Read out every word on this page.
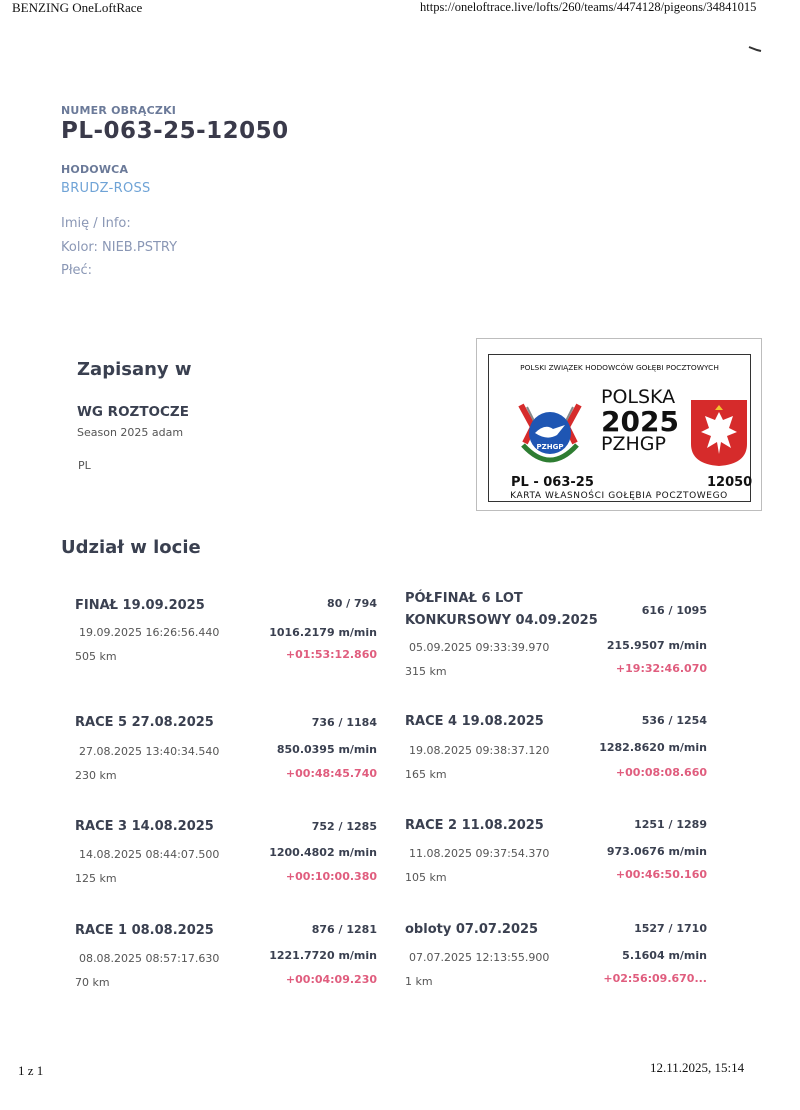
BENZING OneLoftRace	https://oneloftrace.live/lofts/260/teams/4474128/pigeons/34841015
NUMER OBRĄCZKI
PL-063-25-12050
HODOWCA
BRUDZ-ROSS
Imię / Info:
Kolor: NIEB.PSTRY
Płeć:
Zapisany w
WG ROZTOCZE
Season 2025 adam
PL
POLSKI ZWIĄZEK HODOWCÓW GOŁĘBI POCZTOWYCH
PZHGP
POLSKA
2025
PZHGP
PL - 063-25	12050
KARTA WŁASNOŚCI GOŁĘBIA POCZTOWEGO
Udział w locie
FINAŁ 19.09.2025	80 / 794
19.09.2025 16:26:56.440	1016.2179 m/min
505 km	+01:53:12.860
PÓŁFINAŁ 6 LOT KONKURSOWY 04.09.2025
616 / 1095
05.09.2025 09:33:39.970	215.9507 m/min
315 km	+19:32:46.070
RACE 5 27.08.2025	736 / 1184
27.08.2025 13:40:34.540	850.0395 m/min
230 km	+00:48:45.740
RACE 4 19.08.2025	536 / 1254
19.08.2025 09:38:37.120	1282.8620 m/min
165 km	+00:08:08.660
RACE 3 14.08.2025	752 / 1285
14.08.2025 08:44:07.500	1200.4802 m/min
125 km	+00:10:00.380
RACE 2 11.08.2025	1251 / 1289
11.08.2025 09:37:54.370	973.0676 m/min
105 km	+00:46:50.160
RACE 1 08.08.2025	876 / 1281
08.08.2025 08:57:17.630	1221.7720 m/min
70 km	+00:04:09.230
obloty 07.07.2025	1527 / 1710
07.07.2025 12:13:55.900	5.1604 m/min
1 km	+02:56:09.670...
1 z 1	12.11.2025, 15:14
